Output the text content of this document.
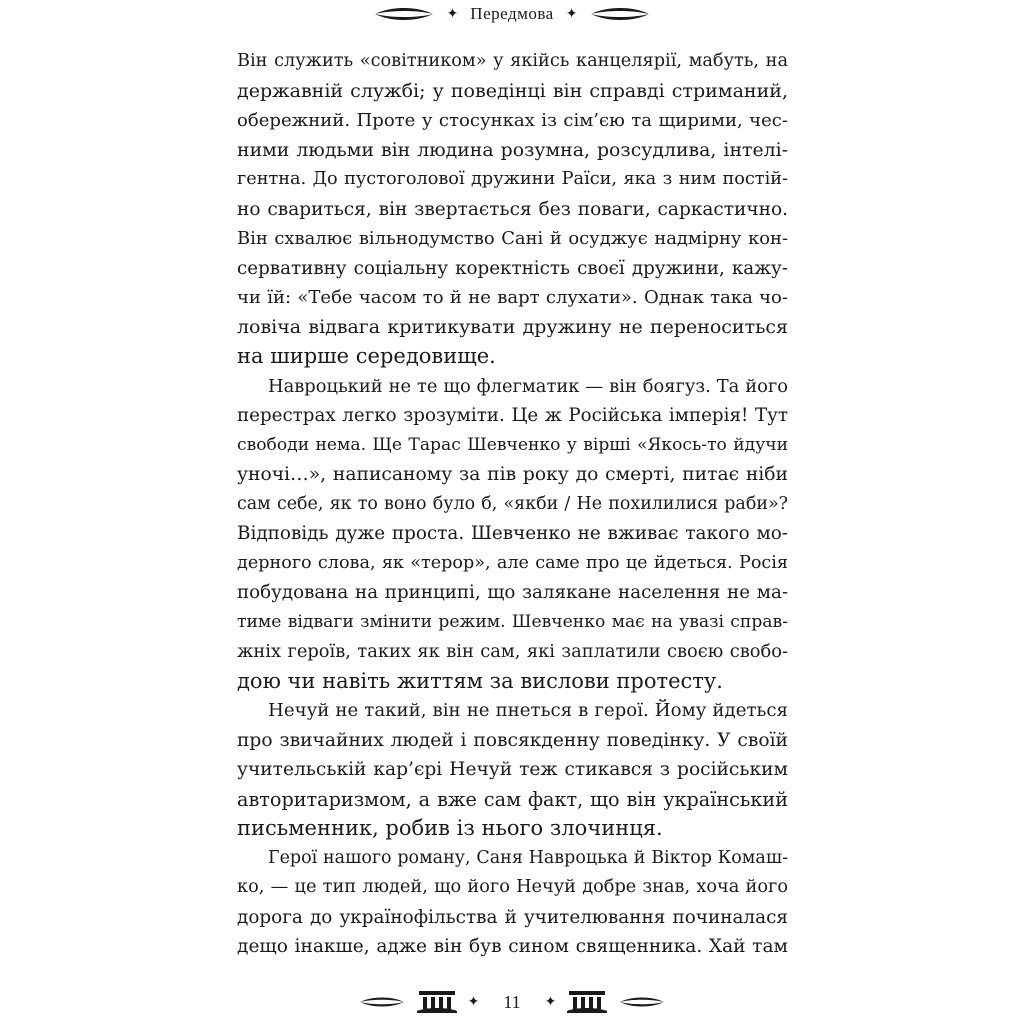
✦ Передмова ✦
Він служить «совітником» у якійсь канцелярії, мабуть, на
державній службі; у поведінці він справді стриманий,
обережний. Проте у стосунках із сім’єю та щирими, чес-
ними людьми він людина розумна, розсудлива, інтелі-
гентна. До пустоголової дружини Раїси, яка з ним постій-
но свариться, він звертається без поваги, саркастично.
Він схвалює вільнодумство Сані й осуджує надмірну кон-
сервативну соціальну коректність своєї дружини, кажу-
чи їй: «Тебе часом то й не варт слухати». Однак така чо-
ловіча відвага критикувати дружину не переноситься
на ширше середовище.
Навроцький не те що флегматик — він боягуз. Та його
перестрах легко зрозуміти. Це ж Російська імперія! Тут
свободи нема. Ще Тарас Шевченко у вірші «Якось-то йдучи
уночі…», написаному за пів року до смерті, питає ніби
сам себе, як то воно було б, «якби / Не похилилися раби»?
Відповідь дуже проста. Шевченко не вживає такого мо-
дерного слова, як «терор», але саме про це йдеться. Росія
побудована на принципі, що залякане населення не ма-
тиме відваги змінити режим. Шевченко має на увазі справ-
жніх героїв, таких як він сам, які заплатили своєю свобо-
дою чи навіть життям за вислови протесту.
Нечуй не такий, він не пнеться в герої. Йому йдеться
про звичайних людей і повсякденну поведінку. У своїй
учительській кар’єрі Нечуй теж стикався з російським
авторитаризмом, а вже сам факт, що він український
письменник, робив із нього злочинця.
Герої нашого роману, Саня Навроцька й Віктор Комаш-
ко, — це тип людей, що його Нечуй добре знав, хоча його
дорога до українофільства й учителювання починалася
дещо інакше, адже він був сином священника. Хай там
✦	11	✦
